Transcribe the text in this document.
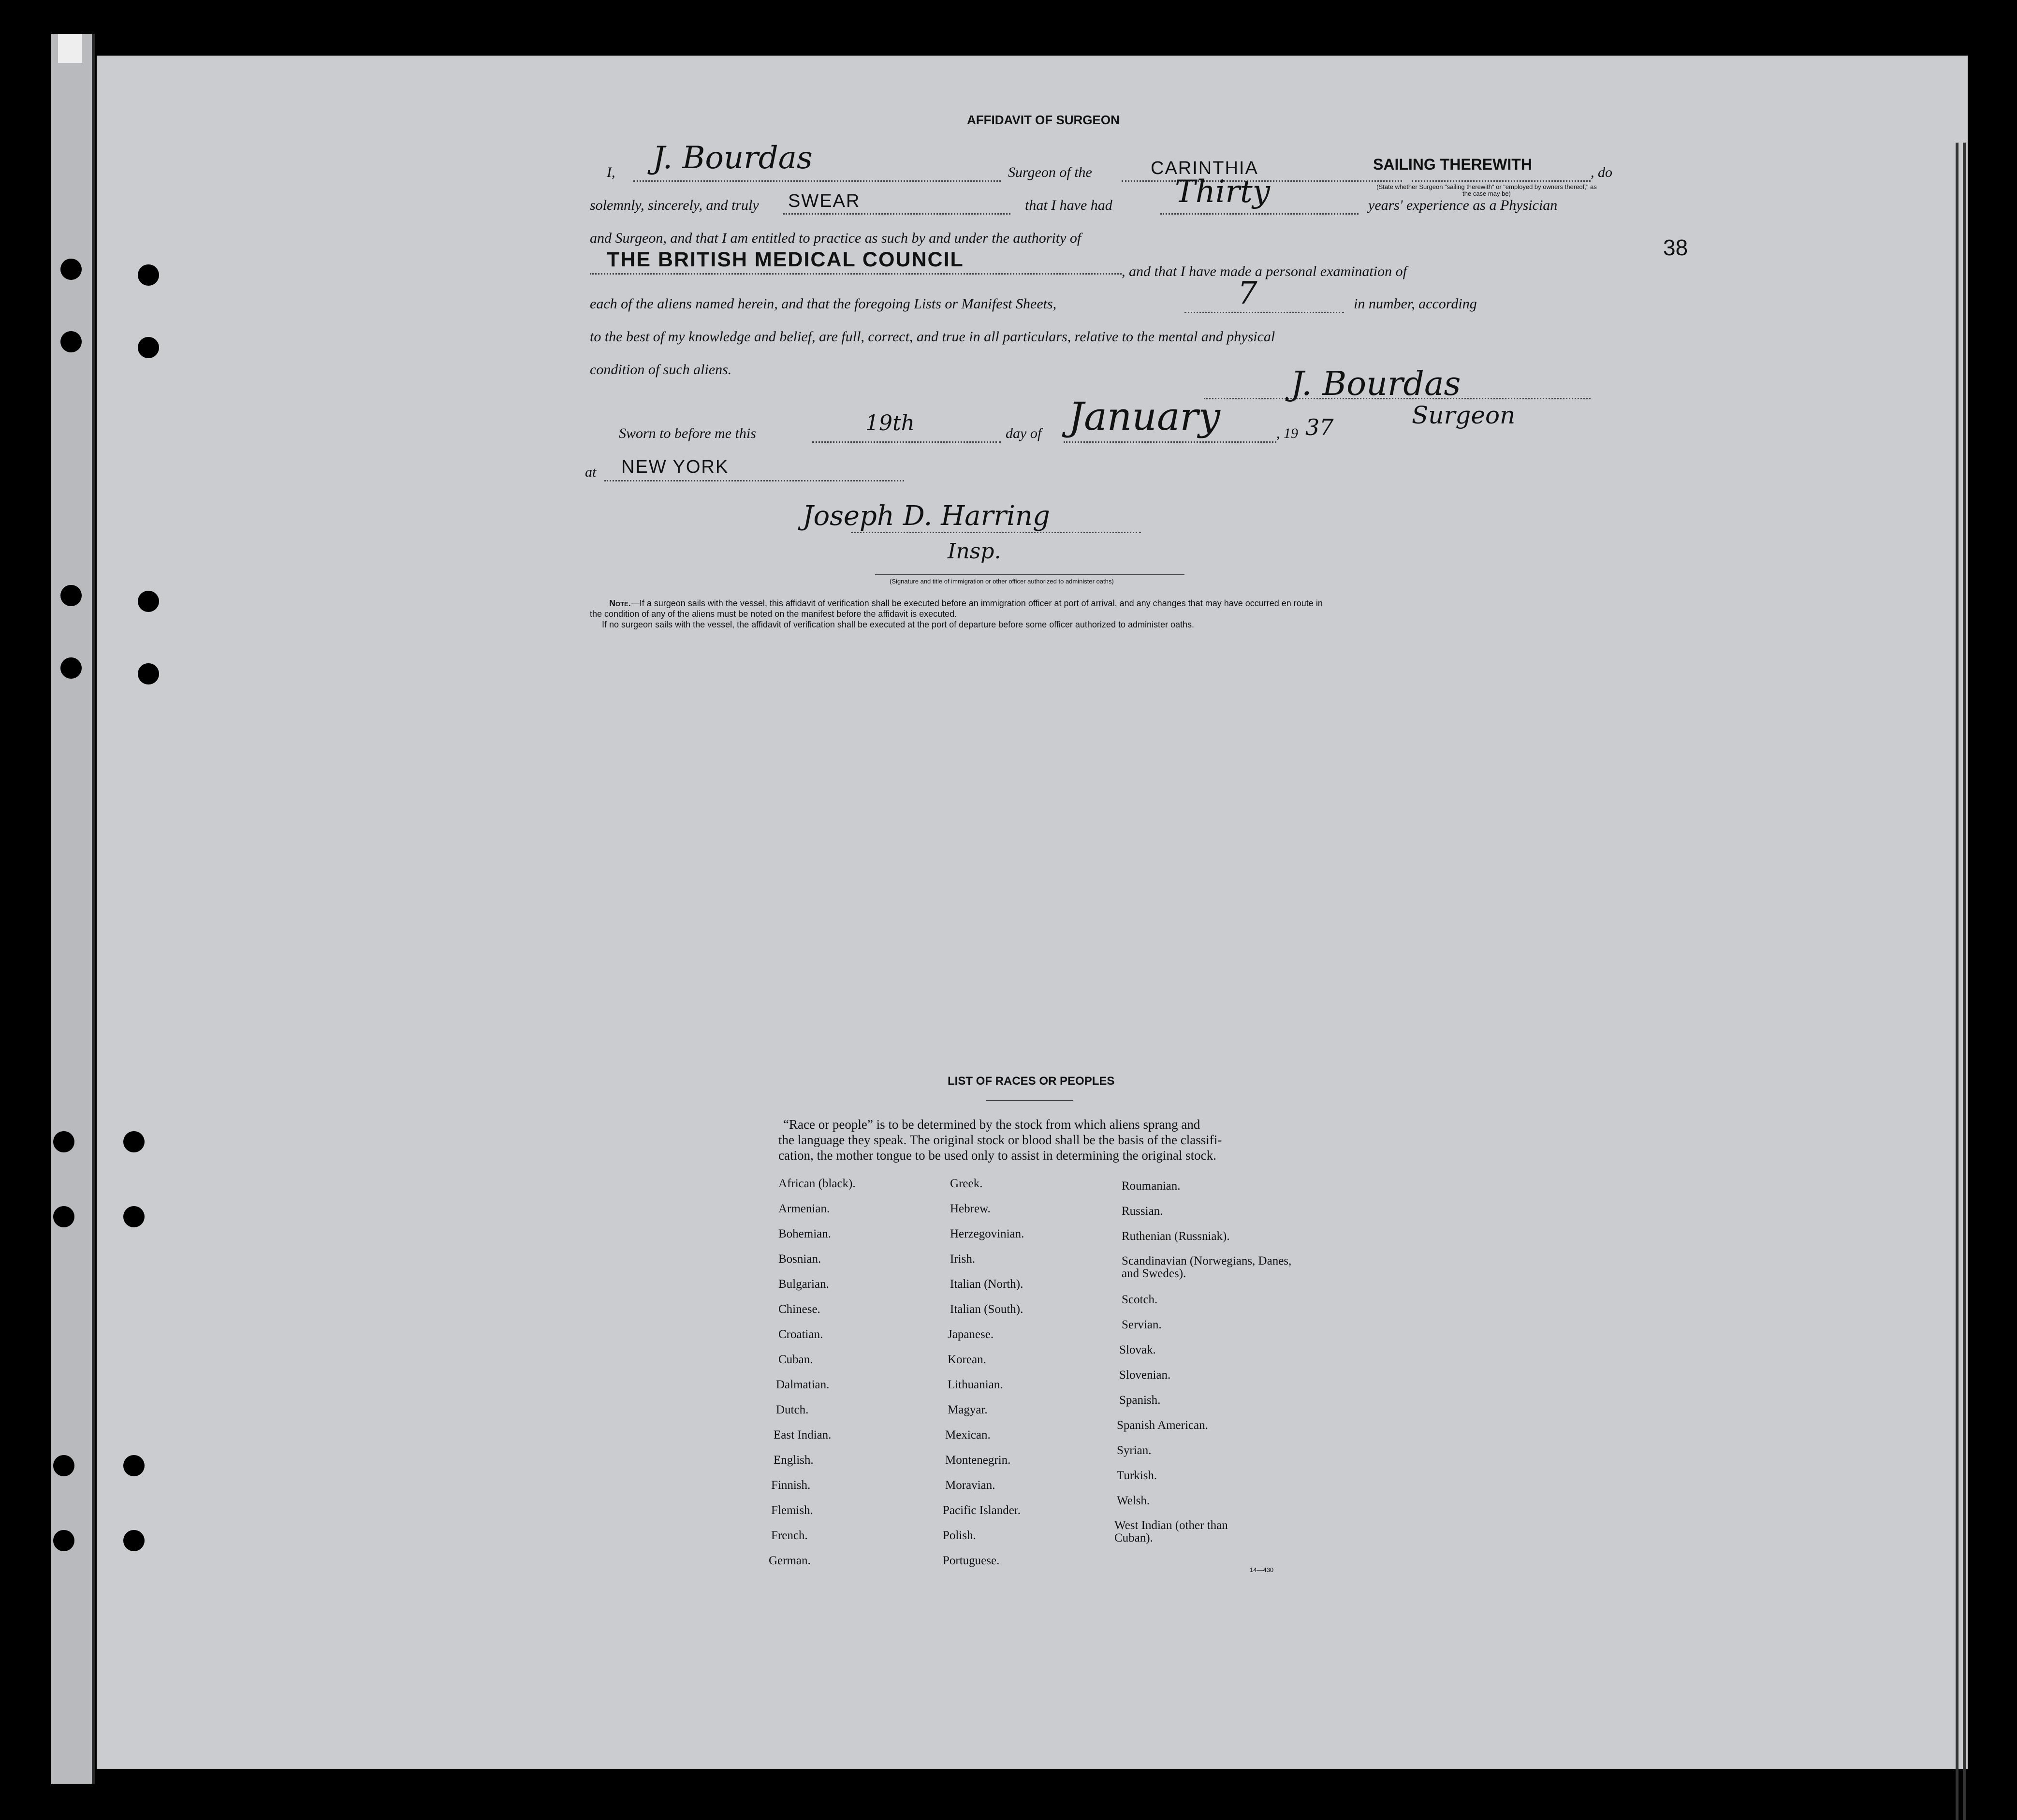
38
AFFIDAVIT OF SURGEON
I, J. Bourdas	Surgeon of the	CARINTHIA	SAILING THEREWITH	, do
(State whether Surgeon "sailing therewith" or "employed by owners thereof," as the case may be)
solemnly, sincerely, and truly SWEAR	that I have had Thirty	years' experience as a Physician
and Surgeon, and that I am entitled to practice as such by and under the authority of
THE BRITISH MEDICAL COUNCIL
, and that I have made a personal examination of
each of the aliens named herein, and that the foregoing Lists or Manifest Sheets,	7	in number, according
to the best of my knowledge and belief, are full, correct, and true in all particulars, relative to the mental and physical
condition of such aliens.	J. Bourdas
Surgeon
Sworn to before me this	19th	day of January	, 19 37
at NEW YORK
Joseph D. Harring
Insp.
(Signature and title of immigration or other officer authorized to administer oaths)
Note.—If a surgeon sails with the vessel, this affidavit of verification shall be executed before an immigration officer at port of arrival, and any changes that may have occurred en route in
the condition of any of the aliens must be noted on the manifest before the affidavit is executed.
If no surgeon sails with the vessel, the affidavit of verification shall be executed at the port of departure before some officer authorized to administer oaths.
LIST OF RACES OR PEOPLES
“Race or people” is to be determined by the stock from which aliens sprang and
the language they speak. The original stock or blood shall be the basis of the classifi-
cation, the mother tongue to be used only to assist in determining the original stock.
African (black).
Armenian.
Bohemian.
Bosnian.
Bulgarian.
Chinese.
Croatian.
Cuban.
Dalmatian.
Dutch.
East Indian.
English.
Finnish.
Flemish.
French.
German.
Greek.
Hebrew.
Herzegovinian.
Irish.
Italian (North).
Italian (South).
Japanese.
Korean.
Lithuanian.
Magyar.
Mexican.
Montenegrin.
Moravian.
Pacific Islander.
Polish.
Portuguese.
Roumanian.
Russian.
Ruthenian (Russniak).
Scandinavian (Norwegians, Danes, and Swedes).
Scotch.
Servian.
Slovak.
Slovenian.
Spanish.
Spanish American.
Syrian.
Turkish.
Welsh.
West Indian (other than Cuban).
14—430
